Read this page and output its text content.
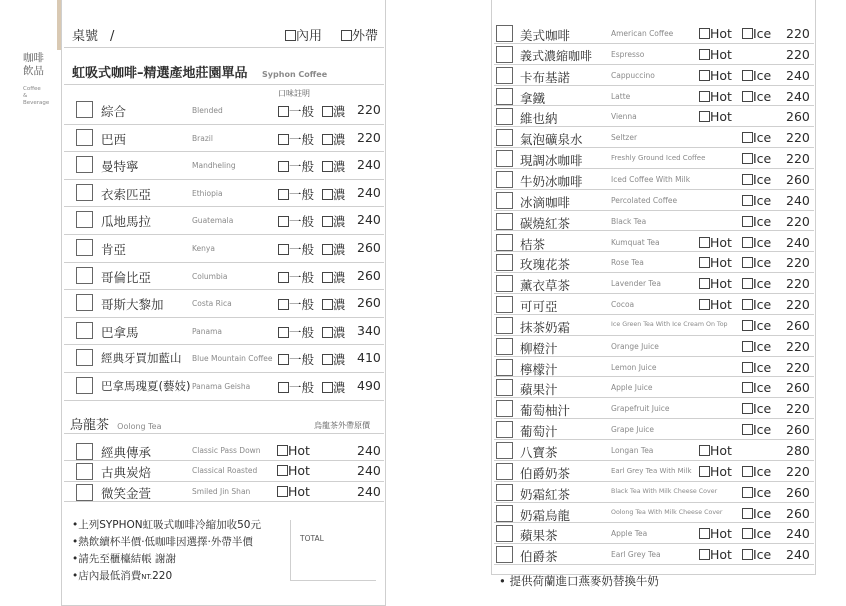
咖啡
飲品
Coffee
&
Beverage
桌號 /	內用	外帶
虹吸式咖啡–精選產地莊園單品 Syphon Coffee
口味註明
綜合	Blended	一般	濃 220
巴西	Brazil	一般	濃 220
曼特寧	Mandheling	一般	濃 240
衣索匹亞	Ethiopia	一般	濃 240
瓜地馬拉	Guatemala	一般	濃 240
肯亞	Kenya	一般	濃 260
哥倫比亞	Columbia	一般	濃 260
哥斯大黎加	Costa Rica	一般	濃 260
巴拿馬	Panama	一般	濃 340
經典牙買加藍山 Blue Mountain Coffee	一般	濃 410
巴拿馬瑰夏(藝妓) Panama Geisha	一般	濃 490
烏龍茶 Oolong Tea	烏龍茶外帶原價
經典傳承	Classic Pass Down	Hot	240
古典炭焙	Classical Roasted	Hot	240
微笑金萱	Smiled Jin Shan	Hot	240
•上列SYPHON虹吸式咖啡冷縮加收50元
•熱飲續杯半價‧低咖啡因選擇‧外帶半價
•請先至櫃檯結帳 謝謝
•店內最低消費NT.220
TOTAL
美式咖啡	American Coffee	Hot	Ice 220
義式濃縮咖啡	Espresso	Hot	220
卡布基諾	Cappuccino	Hot	Ice 240
拿鐵	Latte	Hot	Ice 240
維也納	Vienna	Hot	260
氣泡礦泉水	Seltzer	Ice 220
現調冰咖啡	Freshly Ground Iced Coffee	Ice 220
牛奶冰咖啡	Iced Coffee With Milk	Ice 260
冰滴咖啡	Percolated Coffee	Ice 240
碳燒紅茶	Black Tea	Ice 220
桔茶	Kumquat Tea	Hot	Ice 240
玫瑰花茶	Rose Tea	Hot	Ice 220
薰衣草茶	Lavender Tea	Hot	Ice 220
可可亞	Cocoa	Hot	Ice 220
抹茶奶霜	Ice Green Tea With Ice Cream On Top	Ice 260
柳橙汁	Orange Juice	Ice 220
檸檬汁	Lemon Juice	Ice 220
蘋果汁	Apple Juice	Ice 260
葡萄柚汁	Grapefruit Juice	Ice 220
葡萄汁	Grape Juice	Ice 260
八寶茶	Longan Tea	Hot	280
伯爵奶茶	Earl Grey Tea With Milk	Hot	Ice 220
奶霜紅茶	Black Tea With Milk Cheese Cover	Ice 260
奶霜烏龍	Oolong Tea With Milk Cheese Cover	Ice 260
蘋果茶	Apple Tea	Hot	Ice 240
伯爵茶	Earl Grey Tea	Hot	Ice 240
• 提供荷蘭進口燕麥奶替換牛奶
